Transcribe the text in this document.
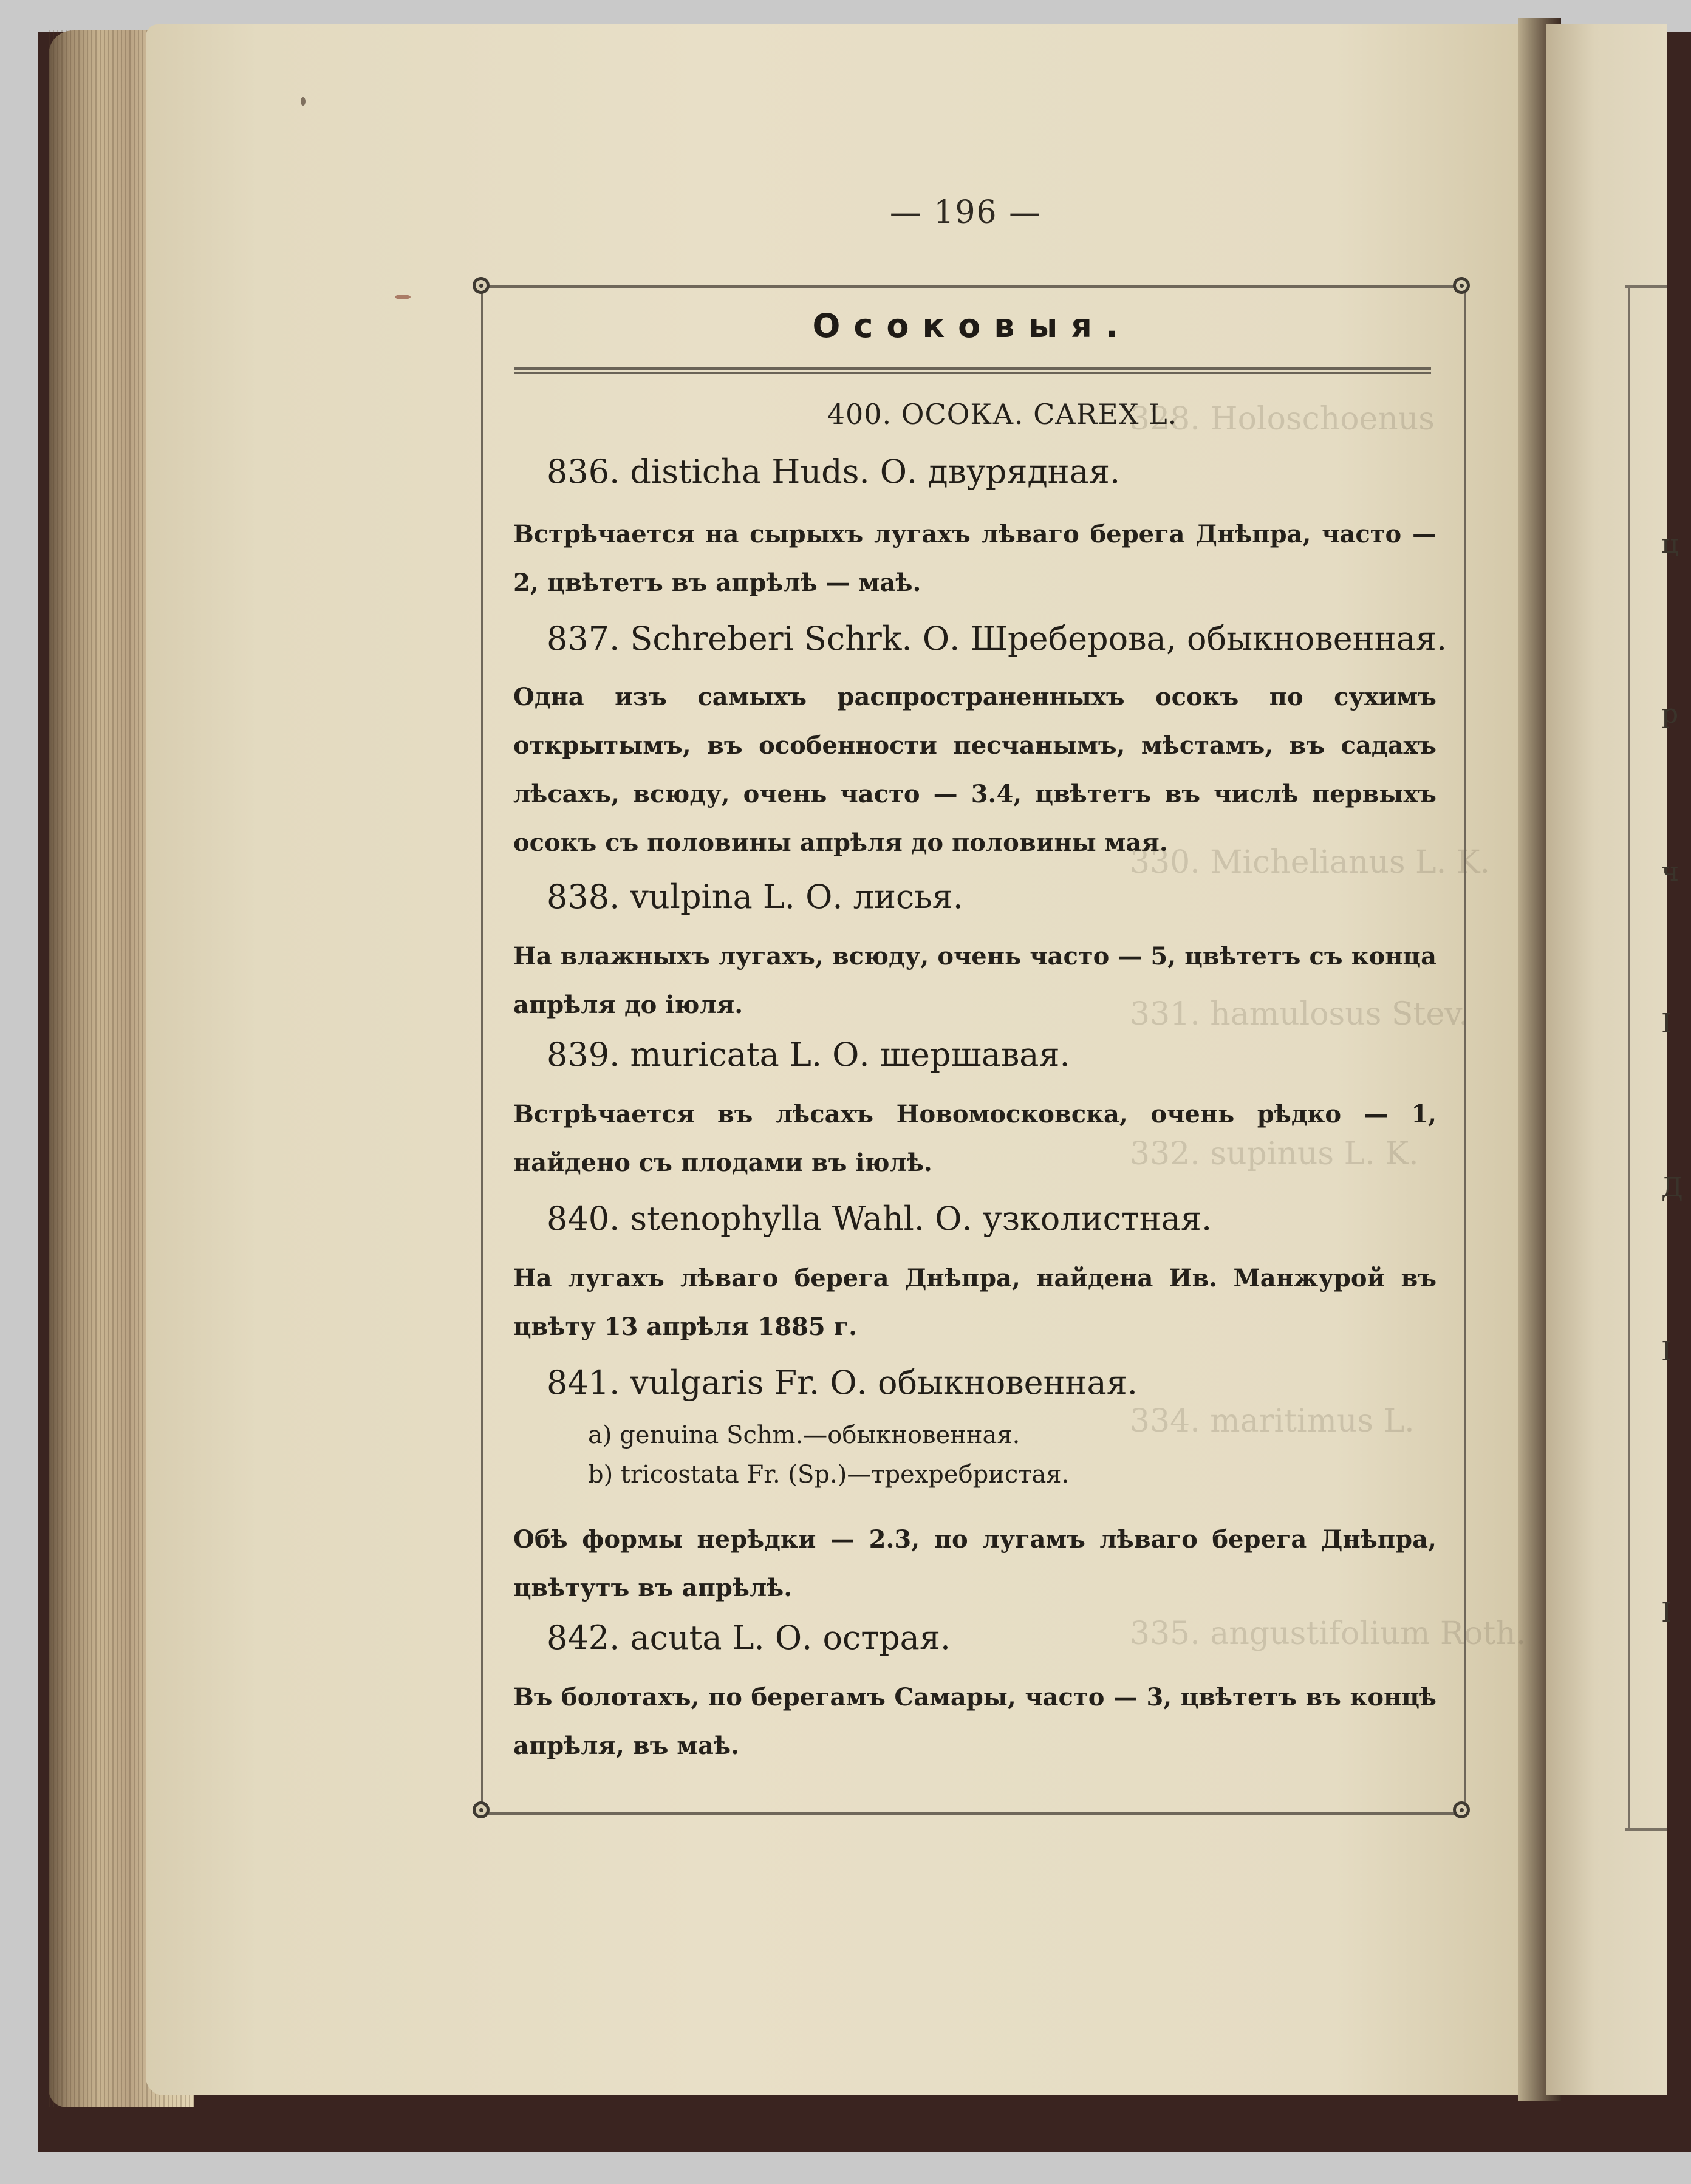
ц
р
ч
I
Д
I
I
328. Holoschoenus
330. Michelianus L. K.
331. hamulosus Stev.
332. supinus L. K.
334. maritimus L.
335. angustifolium Roth.
— 196 —
Осоковыя.
400. ОСОКА. CAREX L.
836. disticha Huds. О. двурядная.
Встрѣчается на сырыхъ лугахъ лѣваго берега Днѣпра, часто — 2, цвѣтетъ въ апрѣлѣ — маѣ.
837. Schreberi Schrk. О. Шреберова, обыкновенная.
Одна изъ самыхъ распространенныхъ осокъ по сухимъ открытымъ, въ особенности песчанымъ, мѣстамъ, въ садахъ лѣсахъ, всюду, очень часто — 3.4, цвѣтетъ въ числѣ первыхъ осокъ съ половины апрѣля до половины мая.
838. vulpina L. О. лисья.
На влажныхъ лугахъ, всюду, очень часто — 5, цвѣтетъ съ конца апрѣля до іюля.
839. muricata L. О. шершавая.
Встрѣчается въ лѣсахъ Новомосковска, очень рѣдко — 1, найдено съ плодами въ іюлѣ.
840. stenophylla Wahl. О. узколистная.
На лугахъ лѣваго берега Днѣпра, найдена Ив. Манжурой въ цвѣту 13 апрѣля 1885 г.
841. vulgaris Fr. О. обыкновенная.
a) genuina Schm.—обыкновенная.
b) tricostata Fr. (Sp.)—трехребристая.
Обѣ формы нерѣдки — 2.3, по лугамъ лѣваго берега Днѣпра, цвѣтутъ въ апрѣлѣ.
842. acuta L. О. острая.
Въ болотахъ, по берегамъ Самары, часто — 3, цвѣтетъ въ концѣ апрѣля, въ маѣ.
